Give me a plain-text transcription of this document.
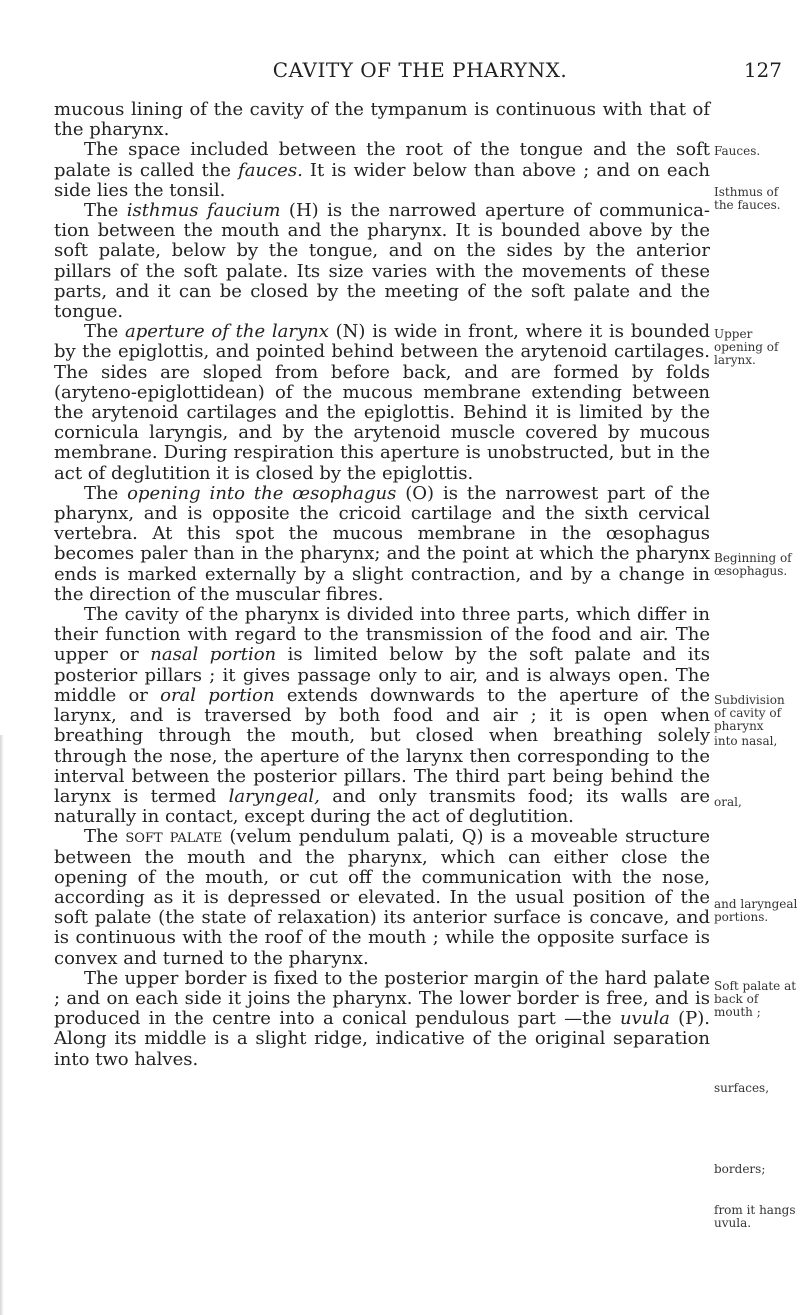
CAVITY OF THE PHARYNX.	127

mucous lining of the cavity of the tympanum is continuous with that of the pharynx.

The space included between the root of the tongue and the soft palate is called the fauces. It is wider below than above ; and on each side lies the tonsil.

The isthmus faucium (H) is the narrowed aperture of communication between the mouth and the pharynx. It is bounded above by the soft palate, below by the tongue, and on the sides by the anterior pillars of the soft palate. Its size varies with the movements of these parts, and it can be closed by the meeting of the soft palate and the tongue.

The aperture of the larynx (N) is wide in front, where it is bounded by the epiglottis, and pointed behind between the arytenoid cartilages. The sides are sloped from before back, and are formed by folds (aryteno-epiglottidean) of the mucous membrane extending between the arytenoid cartilages and the epiglottis. Behind it is limited by the cornicula laryngis, and by the arytenoid muscle covered by mucous membrane. During respiration this aperture is unobstructed, but in the act of deglutition it is closed by the epiglottis.

The opening into the œsophagus (O) is the narrowest part of the pharynx, and is opposite the cricoid cartilage and the sixth cervical vertebra. At this spot the mucous membrane in the œsophagus becomes paler than in the pharynx; and the point at which the pharynx ends is marked externally by a slight contraction, and by a change in the direction of the muscular fibres.

The cavity of the pharynx is divided into three parts, which differ in their function with regard to the transmission of the food and air. The upper or nasal portion is limited below by the soft palate and its posterior pillars ; it gives passage only to air, and is always open. The middle or oral portion extends downwards to the aperture of the larynx, and is traversed by both food and air ; it is open when breathing through the mouth, but closed when breathing solely through the nose, the aperture of the larynx then corresponding to the interval between the posterior pillars. The third part being behind the larynx is termed laryngeal, and only transmits food; its walls are naturally in contact, except during the act of deglutition.

The soft palate (velum pendulum palati, Q) is a moveable structure between the mouth and the pharynx, which can either close the opening of the mouth, or cut off the communication with the nose, according as it is depressed or elevated. In the usual position of the soft palate (the state of relaxation) its anterior surface is concave, and is continuous with the roof of the mouth ; while the opposite surface is convex and turned to the pharynx.

The upper border is fixed to the posterior margin of the hard palate ; and on each side it joins the pharynx. The lower border is free, and is produced in the centre into a conical pendulous part —the uvula (P). Along its middle is a slight ridge, indicative of the original separation into two halves.

Fauces.
Isthmus of the fauces.
Upper opening of larynx.
Beginning of œsophagus.
Subdivision of cavity of pharynx
into nasal,
oral,
and laryngeal portions.
Soft palate at back of mouth ;
surfaces,
borders;
from it hangs uvula.
